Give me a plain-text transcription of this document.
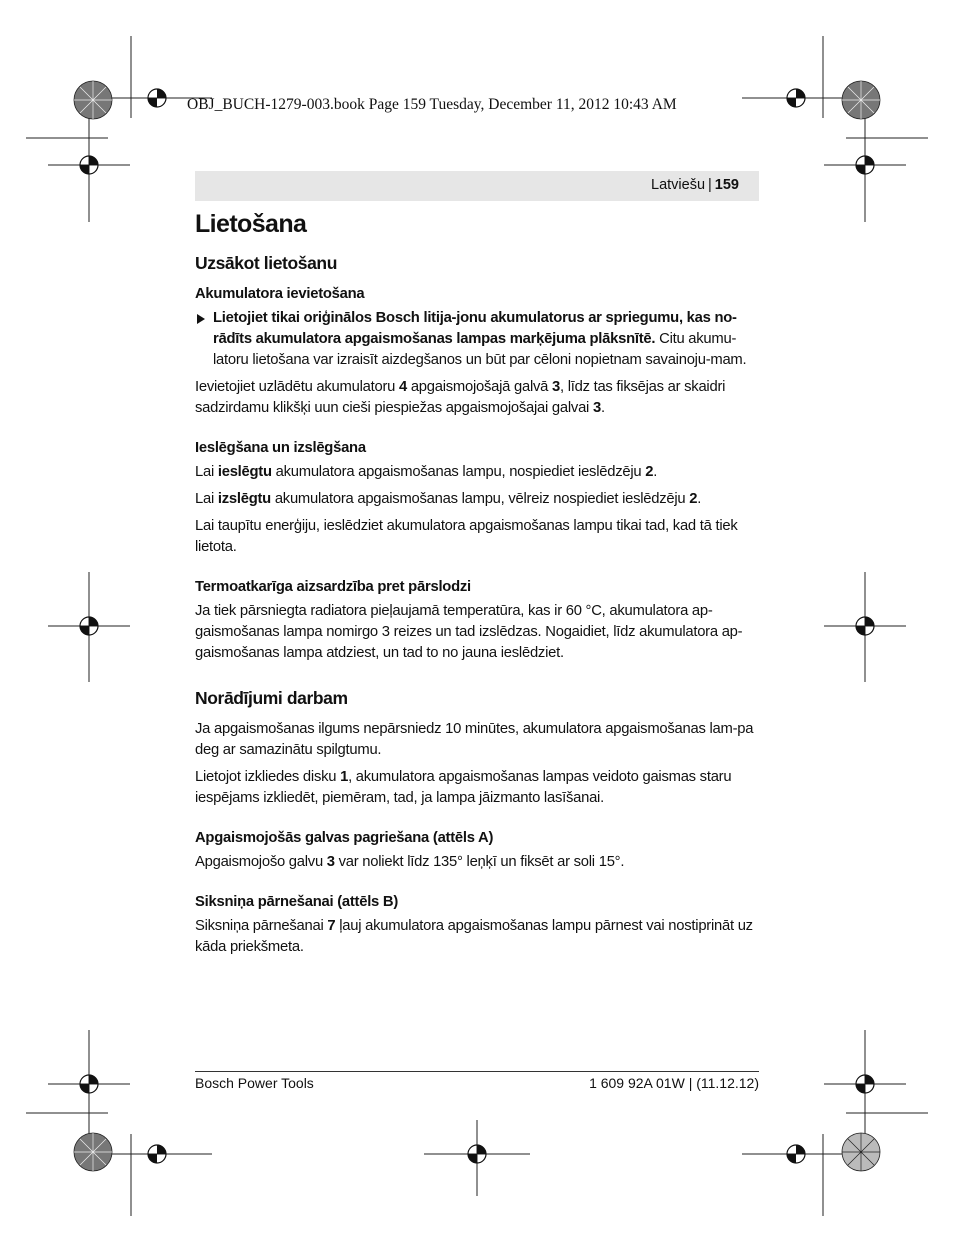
OBJ_BUCH-1279-003.book Page 159 Tuesday, December 11, 2012 10:43 AM
Latviešu | 159
Lietošana
Uzsākot lietošanu
Akumulatora ievietošana
Lietojiet tikai oriģinālos Bosch litija-jonu akumulatorus ar spriegumu, kas no-rādīts akumulatora apgaismošanas lampas marķējuma plāksnītē. Citu akumu-latoru lietošana var izraisīt aizdegšanos un būt par cēloni nopietnam savainoju-mam.

Ievietojiet uzlādētu akumulatoru 4 apgaismojošajā galvā 3, līdz tas fiksējas ar skaidri sadzirdamu klikšķi uun cieši piespiežas apgaismojošajai galvai 3.

Ieslēgšana un izslēgšana

Lai ieslēgtu akumulatora apgaismošanas lampu, nospiediet ieslēdzēju 2.

Lai izslēgtu akumulatora apgaismošanas lampu, vēlreiz nospiediet ieslēdzēju 2.

Lai taupītu enerģiju, ieslēdziet akumulatora apgaismošanas lampu tikai tad, kad tā tiek lietota.

Termoatkarīga aizsardzība pret pārslodzi

Ja tiek pārsniegta radiatora pieļaujamā temperatūra, kas ir 60 °C, akumulatora ap-gaismošanas lampa nomirgo 3 reizes un tad izslēdzas. Nogaidiet, līdz akumulatora ap-gaismošanas lampa atdziest, un tad to no jauna ieslēdziet.

Norādījumi darbam

Ja apgaismošanas ilgums nepārsniedz 10 minūtes, akumulatora apgaismošanas lam-pa deg ar samazinātu spilgtumu.

Lietojot izkliedes disku 1, akumulatora apgaismošanas lampas veidoto gaismas staru iespējams izkliedēt, piemēram, tad, ja lampa jāizmanto lasīšanai.

Apgaismojošās galvas pagriešana (attēls A)

Apgaismojošo galvu 3 var noliekt līdz 135° leņķī un fiksēt ar soli 15°.

Siksniņa pārnešanai (attēls B)

Siksniņa pārnešanai 7 ļauj akumulatora apgaismošanas lampu pārnest vai nostiprināt uz kāda priekšmeta.

Bosch Power Tools	1 609 92A 01W | (11.12.12)
